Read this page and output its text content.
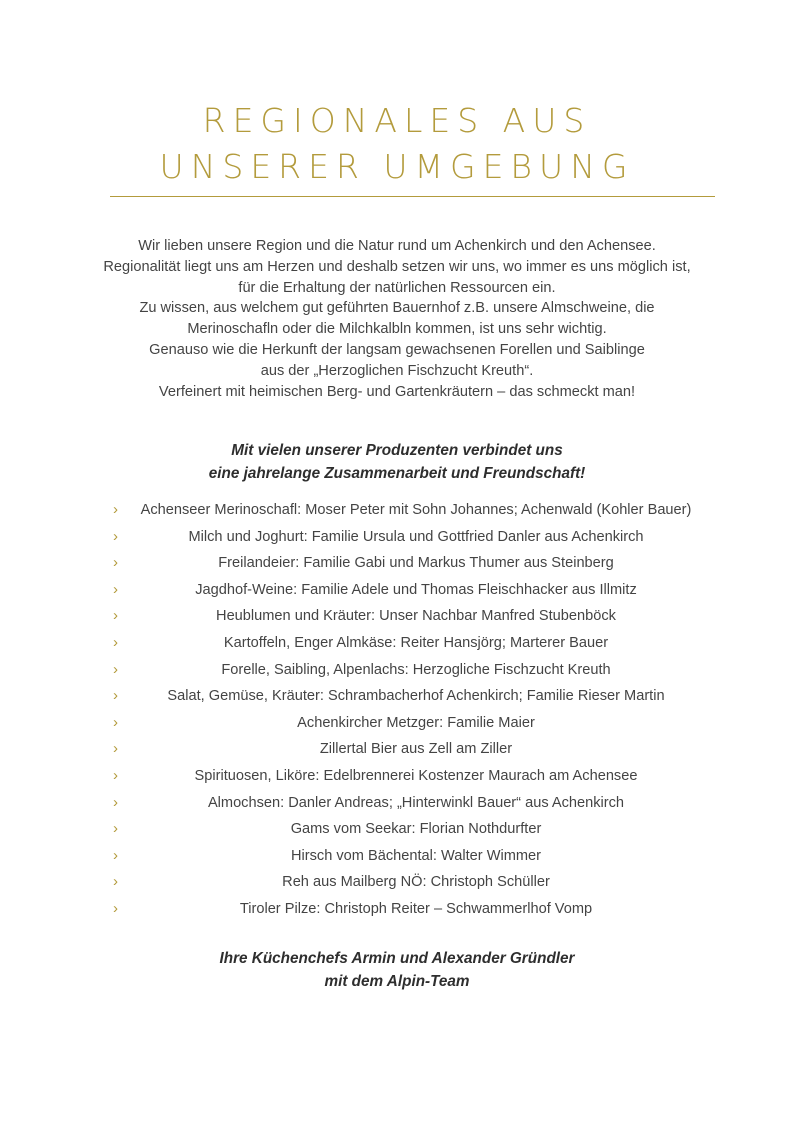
REGIONALES AUS
UNSERER UMGEBUNG
Wir lieben unsere Region und die Natur rund um Achenkirch und den Achensee.
Regionalität liegt uns am Herzen und deshalb setzen wir uns, wo immer es uns möglich ist,
für die Erhaltung der natürlichen Ressourcen ein.
Zu wissen, aus welchem gut geführten Bauernhof z.B. unsere Almschweine, die
Merinoschafln oder die Milchkalbln kommen, ist uns sehr wichtig.
Genauso wie die Herkunft der langsam gewachsenen Forellen und Saiblinge
aus der „Herzoglichen Fischzucht Kreuth“.
Verfeinert mit heimischen Berg- und Gartenkräutern – das schmeckt man!
Mit vielen unserer Produzenten verbindet uns
eine jahrelange Zusammenarbeit und Freundschaft!
› Achenseer Merinoschafl: Moser Peter mit Sohn Johannes; Achenwald (Kohler Bauer)
›	Milch und Joghurt: Familie Ursula und Gottfried Danler aus Achenkirch
›	Freilandeier: Familie Gabi und Markus Thumer aus Steinberg
›	Jagdhof-Weine: Familie Adele und Thomas Fleischhacker aus Illmitz
›	Heublumen und Kräuter: Unser Nachbar Manfred Stubenböck
›	Kartoffeln, Enger Almkäse: Reiter Hansjörg; Marterer Bauer
›	Forelle, Saibling, Alpenlachs: Herzogliche Fischzucht Kreuth
›	Salat, Gemüse, Kräuter: Schrambacherhof Achenkirch; Familie Rieser Martin
›	Achenkircher Metzger: Familie Maier
›	Zillertal Bier aus Zell am Ziller
›	Spirituosen, Liköre: Edelbrennerei Kostenzer Maurach am Achensee
›	Almochsen: Danler Andreas; „Hinterwinkl Bauer“ aus Achenkirch
›	Gams vom Seekar: Florian Nothdurfter
›	Hirsch vom Bächental: Walter Wimmer
›	Reh aus Mailberg NÖ: Christoph Schüller
›	Tiroler Pilze: Christoph Reiter – Schwammerlhof Vomp
Ihre Küchenchefs Armin und Alexander Gründler
mit dem Alpin-Team
